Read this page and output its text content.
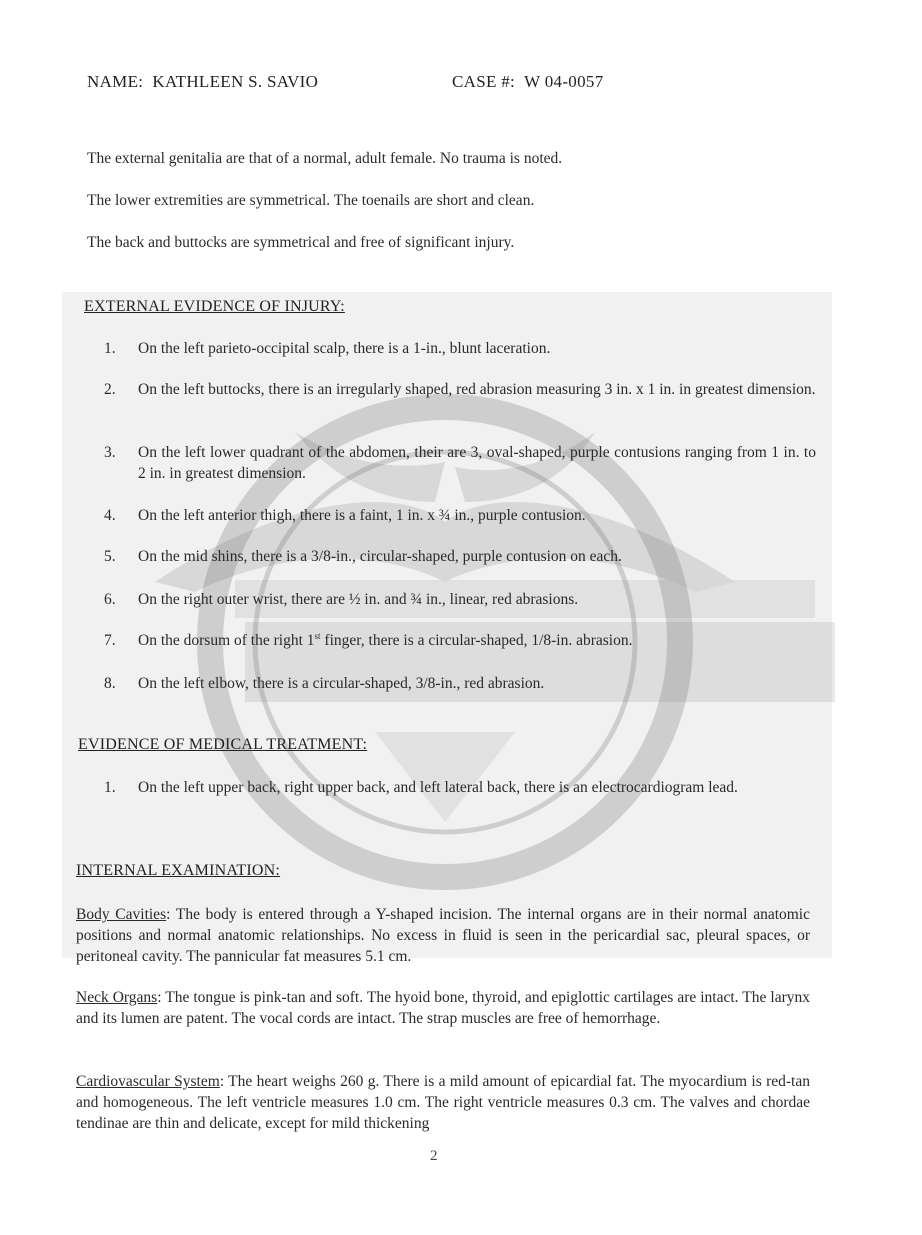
NAME: KATHLEEN S. SAVIO	CASE #: W 04-0057
The external genitalia are that of a normal, adult female. No trauma is noted.
The lower extremities are symmetrical. The toenails are short and clean.
The back and buttocks are symmetrical and free of significant injury.
EXTERNAL EVIDENCE OF INJURY:
1.	On the left parieto-occipital scalp, there is a 1-in., blunt laceration.
2.	On the left buttocks, there is an irregularly shaped, red abrasion measuring 3 in. x 1 in. in greatest dimension.
3.	On the left lower quadrant of the abdomen, their are 3, oval-shaped, purple contusions ranging from 1 in. to 2 in. in greatest dimension.
4.	On the left anterior thigh, there is a faint, 1 in. x ¾ in., purple contusion.
5.	On the mid shins, there is a 3/8-in., circular-shaped, purple contusion on each.
6.	On the right outer wrist, there are ½ in. and ¾ in., linear, red abrasions.
7.	On the dorsum of the right 1st finger, there is a circular-shaped, 1/8-in. abrasion.
8.	On the left elbow, there is a circular-shaped, 3/8-in., red abrasion.
EVIDENCE OF MEDICAL TREATMENT:
1.	On the left upper back, right upper back, and left lateral back, there is an electrocardiogram lead.
INTERNAL EXAMINATION:
Body Cavities: The body is entered through a Y-shaped incision. The internal organs are in their normal anatomic positions and normal anatomic relationships. No excess in fluid is seen in the pericardial sac, pleural spaces, or peritoneal cavity. The pannicular fat measures 5.1 cm.
Neck Organs: The tongue is pink-tan and soft. The hyoid bone, thyroid, and epiglottic cartilages are intact. The larynx and its lumen are patent. The vocal cords are intact. The strap muscles are free of hemorrhage.
Cardiovascular System: The heart weighs 260 g. There is a mild amount of epicardial fat. The myocardium is red-tan and homogeneous. The left ventricle measures 1.0 cm. The right ventricle measures 0.3 cm. The valves and chordae tendinae are thin and delicate, except for mild thickening
2
